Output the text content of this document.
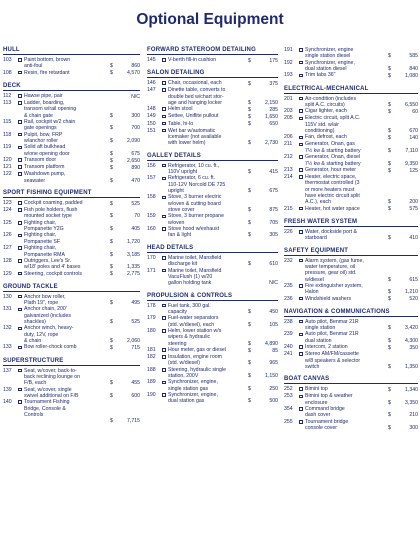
Optional Equipment
HULL
103	Paint bottom, brown
anti-foul	$	860
108	Resin, fire retardant	$	4,570
DECK
112	Hawse pipe, pair	N/C
113	Ladder, boarding,
transom w/rail opening
& chain gate	$	300
115	Rail, cockpit w/2 chain
gate openings	$	700
118	Pulpit, bow, FRP
w/anchor roller	$	2,090
119	Solid aft bulkhead
w/one opening door	$	675
120	Transom door	$	2,650
121	Transom platform	$	890
122	Washdown pump,
seawater	$	470
SPORT FISHING EQUIPMENT
123	Cockpit coaming, padded	$	525
124	Fish pole holders, flush
mounted socket type	$	70
125	Fighting chair,
Pompanette Y2G	$	405
126	Fighting chair,
Pompanette SF	$	1,720
127	Fighting chair,
Pompanette RMA	$	3,185
128	Outriggers, Lee's Sr.
w/18' poles and 4' bases	$	1,335
129	Steering, cockpit controls	$	2,775
GROUND TACKLE
130	Anchor bow roller,
Plath 19", rope	$	495
131	Anchor chain, 200'
galvanized (includes
shackles)	$	525
132	Anchor winch, heavy-
duty, 12V, rope
& chain	$	2,060
133	Bow roller-chock comb	$	715
SUPERSTRUCTURE
137	Seat, w/cover, back-to-
back reclining lounge on
F/B, each	$	455
139	Seat, w/cover, single
swivel additional on F/B	$	600
140	Tournament Fishing
Bridge, Console &
Controls
$	7,715
FORWARD STATEROOM DETAILING
145	V-berth fill-in cushion	$	175
SALON DETAILING
146	Chair, occasional, each	$	375
147	Dinette table, converts to
double bed w/chart stor-
age and hanging locker	$	2,150
148	Helm stool	$	285
149	Settee, Uniflite pullout	$	1,650
150	Table, hi-lo	$	650
151	Wet bar w/automatic
icemaker (not available
with lower helm)	$	2,730
GALLEY DETAILS
156	Refrigerator, 10 cu. ft.,
110V upright	$	415
157	Refrigerator, 6 cu. ft.
110-12V Norcold DE 725
upright	$	675
158	Stove, 3 burner electric
w/oven & cutting board
stove cover	$	875
159	Stove, 3 burner propane
w/oven	$	705
160	Stove hood w/exhaust
fan & light	$	305
HEAD DETAILS
170	Marine toilet, Mansfield
discharge kit	$	610
171	Marine toilet, Mansfield
VacuFlush (1) w/20
gallon holding tank	N/C
PROPULSION & CONTROLS
178	Fuel tank, 300 gal.
capacity	$	450
179	Fuel-water separators
(std. w/diesel), each	$	105
180	Helm, lower station w/s
wipers & hydraulic
steering	$	4,890
181	Hour meter, gas or diesel	$	85
182	Insulation, engine room
(std. w/diesel)	$	965
188	Steering, hydraulic single
station, 200V	$	1,150
189	Synchronizer, engine,
single station gas	$	250
190	Synchronizer, engine,
dual station gas	$	500
191	Synchronizer, engine
single station diesel	$	585
192	Synchronizer, engine,
dual station diesel	$	840
193	Trim tabs 36"	$	1,080
ELECTRICAL-MECHANICAL
201	Air-condition (includes
split A.C. circuits)	$	6,550
203	Cigar lighter, each	$	60
205	Electric circuit, split A.C.
115V std. w/air
conditioning)	$	670
206	Fan, defrost, each	$	140
211	Generator, Onan, gas
7½ kw & starting battery	$	7,110
212	Generator, Onan, diesel
7½ kw & starting battery	$	9,350
213	Generator, hour meter	$	125
214	Heater, electric space,
thermostat controlled (3
or more heaters must
have electric circuit split
A.C.), each	$	200
215	Heater, hot water space	$	575
FRESH WATER SYSTEM
226	Water, dockside port &
starboard	$	410
SAFETY EQUIPMENT
232	Alarm system, (gas fume,
water temperature, oil
pressure, gear oil) std.
w/diesel	$	615
235	Fire extinguisher system,
Halon	$	1,210
236	Windshield washers	$	520
NAVIGATION & COMMUNICATIONS
238	Auto pilot, Benmar 21R
single station	$	3,420
239	Auto pilot, Benmar 21R
dual station	$	4,300
240	Intercom, 2 station	$	350
241	Stereo AM/FM/cassette
w/8 speakers & selector
switch	$	1,350
BOAT CANVAS
252	Bimini top	$	1,340
253	Bimini top & weather
enclosure	$	3,350
354	Command bridge
dash cover	$	210
255	Tournament bridge
console cover	$	300
